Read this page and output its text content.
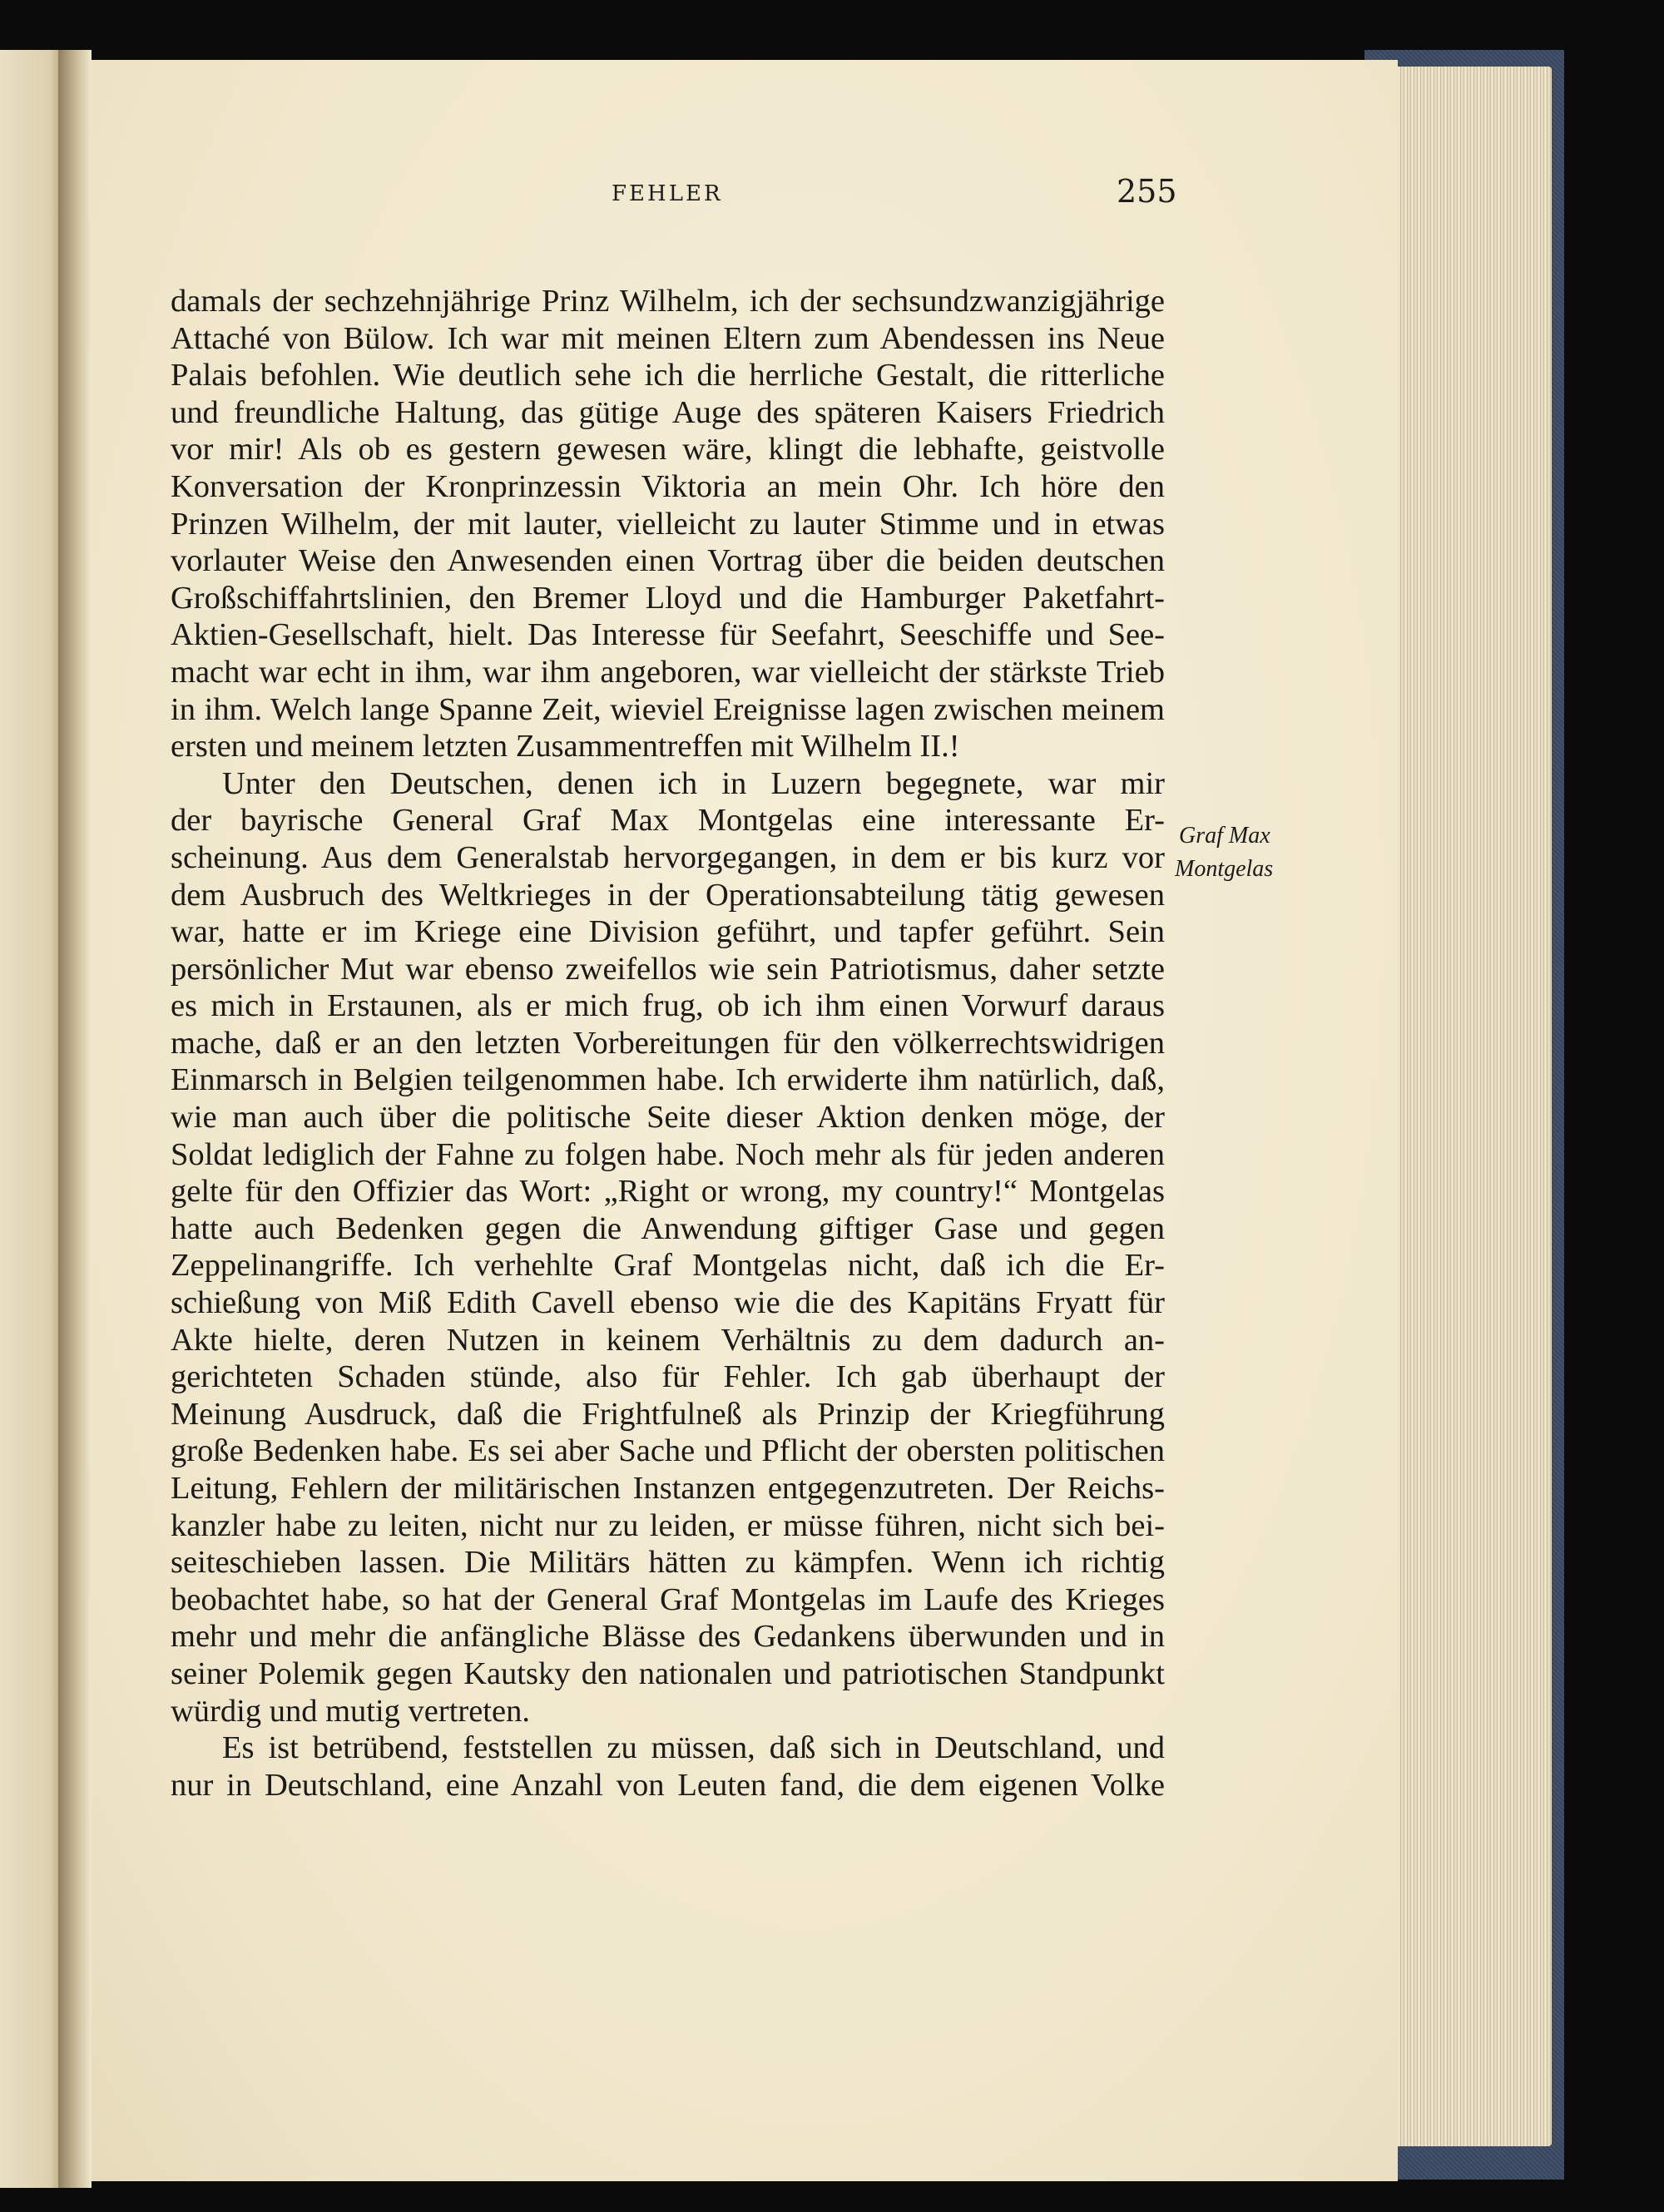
FEHLER	255
damals der sechzehnjährige Prinz Wilhelm, ich der sechsundzwanzigjährige
Attaché von Bülow. Ich war mit meinen Eltern zum Abendessen ins Neue
Palais befohlen. Wie deutlich sehe ich die herrliche Gestalt, die ritterliche
und freundliche Haltung, das gütige Auge des späteren Kaisers Friedrich
vor mir! Als ob es gestern gewesen wäre, klingt die lebhafte, geistvolle
Konversation der Kronprinzessin Viktoria an mein Ohr. Ich höre den
Prinzen Wilhelm, der mit lauter, vielleicht zu lauter Stimme und in etwas
vorlauter Weise den Anwesenden einen Vortrag über die beiden deutschen
Großschiffahrtslinien, den Bremer Lloyd und die Hamburger Paketfahrt-
Aktien-Gesellschaft, hielt. Das Interesse für Seefahrt, Seeschiffe und See-
macht war echt in ihm, war ihm angeboren, war vielleicht der stärkste Trieb
in ihm. Welch lange Spanne Zeit, wieviel Ereignisse lagen zwischen meinem
ersten und meinem letzten Zusammentreffen mit Wilhelm II.!
Unter den Deutschen, denen ich in Luzern begegnete, war mir
der bayrische General Graf Max Montgelas eine interessante Er-
scheinung. Aus dem Generalstab hervorgegangen, in dem er bis kurz vor
dem Ausbruch des Weltkrieges in der Operationsabteilung tätig gewesen
war, hatte er im Kriege eine Division geführt, und tapfer geführt. Sein
persönlicher Mut war ebenso zweifellos wie sein Patriotismus, daher setzte
es mich in Erstaunen, als er mich frug, ob ich ihm einen Vorwurf daraus
mache, daß er an den letzten Vorbereitungen für den völkerrechtswidrigen
Einmarsch in Belgien teilgenommen habe. Ich erwiderte ihm natürlich, daß,
wie man auch über die politische Seite dieser Aktion denken möge, der
Soldat lediglich der Fahne zu folgen habe. Noch mehr als für jeden anderen
gelte für den Offizier das Wort: „Right or wrong, my country!“ Montgelas
hatte auch Bedenken gegen die Anwendung giftiger Gase und gegen
Zeppelinangriffe. Ich verhehlte Graf Montgelas nicht, daß ich die Er-
schießung von Miß Edith Cavell ebenso wie die des Kapitäns Fryatt für
Akte hielte, deren Nutzen in keinem Verhältnis zu dem dadurch an-
gerichteten Schaden stünde, also für Fehler. Ich gab überhaupt der
Meinung Ausdruck, daß die Frightfulneß als Prinzip der Kriegführung
große Bedenken habe. Es sei aber Sache und Pflicht der obersten politischen
Leitung, Fehlern der militärischen Instanzen entgegenzutreten. Der Reichs-
kanzler habe zu leiten, nicht nur zu leiden, er müsse führen, nicht sich bei-
seiteschieben lassen. Die Militärs hätten zu kämpfen. Wenn ich richtig
beobachtet habe, so hat der General Graf Montgelas im Laufe des Krieges
mehr und mehr die anfängliche Blässe des Gedankens überwunden und in
seiner Polemik gegen Kautsky den nationalen und patriotischen Standpunkt
würdig und mutig vertreten.
Es ist betrübend, feststellen zu müssen, daß sich in Deutschland, und
nur in Deutschland, eine Anzahl von Leuten fand, die dem eigenen Volke
Graf Max
Montgelas
